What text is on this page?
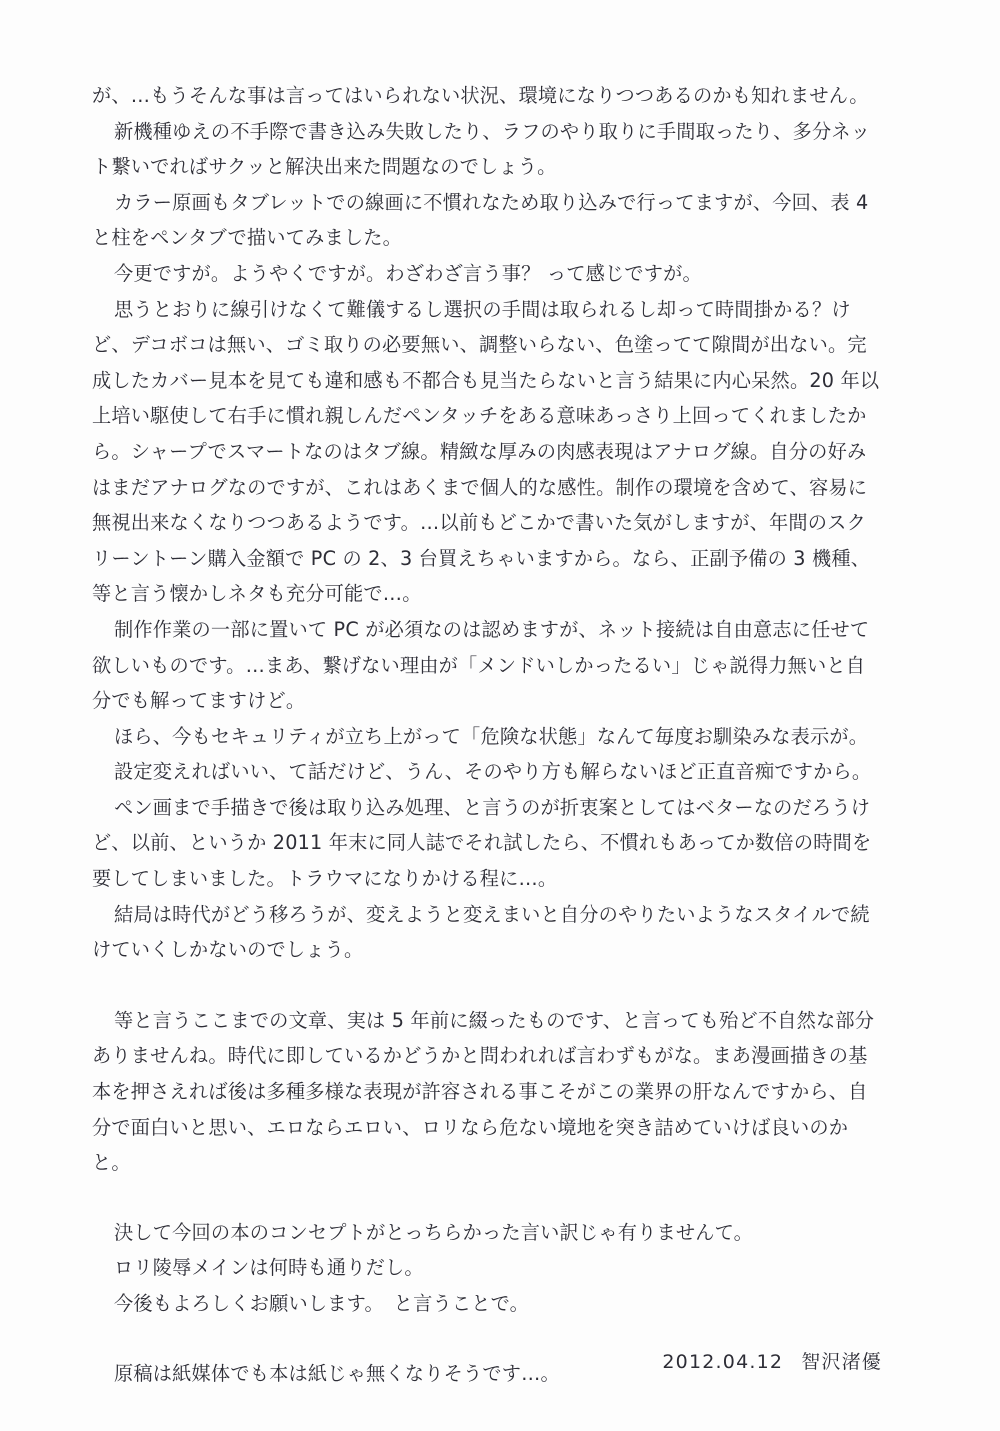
が、…もうそんな事は言ってはいられない状況、環境になりつつあるのかも知れません。

新機種ゆえの不手際で書き込み失敗したり、ラフのやり取りに手間取ったり、多分ネット繋いでればサクッと解決出来た問題なのでしょう。

カラー原画もタブレットでの線画に不慣れなため取り込みで行ってますが、今回、表 4 と柱をペンタブで描いてみました。

今更ですが。ようやくですが。わざわざ言う事？ って感じですが。

思うとおりに線引けなくて難儀するし選択の手間は取られるし却って時間掛かる？けど、デコボコは無い、ゴミ取りの必要無い、調整いらない、色塗ってて隙間が出ない。完成したカバー見本を見ても違和感も不都合も見当たらないと言う結果に内心呆然。20 年以上培い駆使して右手に慣れ親しんだペンタッチをある意味あっさり上回ってくれましたから。シャープでスマートなのはタブ線。精緻な厚みの肉感表現はアナログ線。自分の好みはまだアナログなのですが、これはあくまで個人的な感性。制作の環境を含めて、容易に無視出来なくなりつつあるようです。…以前もどこかで書いた気がしますが、年間のスクリーントーン購入金額で PC の 2、3 台買えちゃいますから。なら、正副予備の 3 機種、等と言う懐かしネタも充分可能で…。

制作作業の一部に置いて PC が必須なのは認めますが、ネット接続は自由意志に任せて欲しいものです。…まあ、繋げない理由が「メンドいしかったるい」じゃ説得力無いと自分でも解ってますけど。

ほら、今もセキュリティが立ち上がって「危険な状態」なんて毎度お馴染みな表示が。

設定変えればいい、て話だけど、うん、そのやり方も解らないほど正直音痴ですから。

ペン画まで手描きで後は取り込み処理、と言うのが折衷案としてはベターなのだろうけど、以前、というか 2011 年末に同人誌でそれ試したら、不慣れもあってか数倍の時間を要してしまいました。トラウマになりかける程に…。

結局は時代がどう移ろうが、変えようと変えまいと自分のやりたいようなスタイルで続けていくしかないのでしょう。

等と言うここまでの文章、実は 5 年前に綴ったものです、と言っても殆ど不自然な部分ありませんね。時代に即しているかどうかと問われれば言わずもがな。まあ漫画描きの基本を押さえれば後は多種多様な表現が許容される事こそがこの業界の肝なんですから、自分で面白いと思い、エロならエロい、ロリなら危ない境地を突き詰めていけば良いのかと。

決して今回の本のコンセプトがとっちらかった言い訳じゃ有りませんて。

ロリ陵辱メインは何時も通りだし。

今後もよろしくお願いします。　と言うことで。

原稿は紙媒体でも本は紙じゃ無くなりそうです…。	2012.04.12 智沢渚優
